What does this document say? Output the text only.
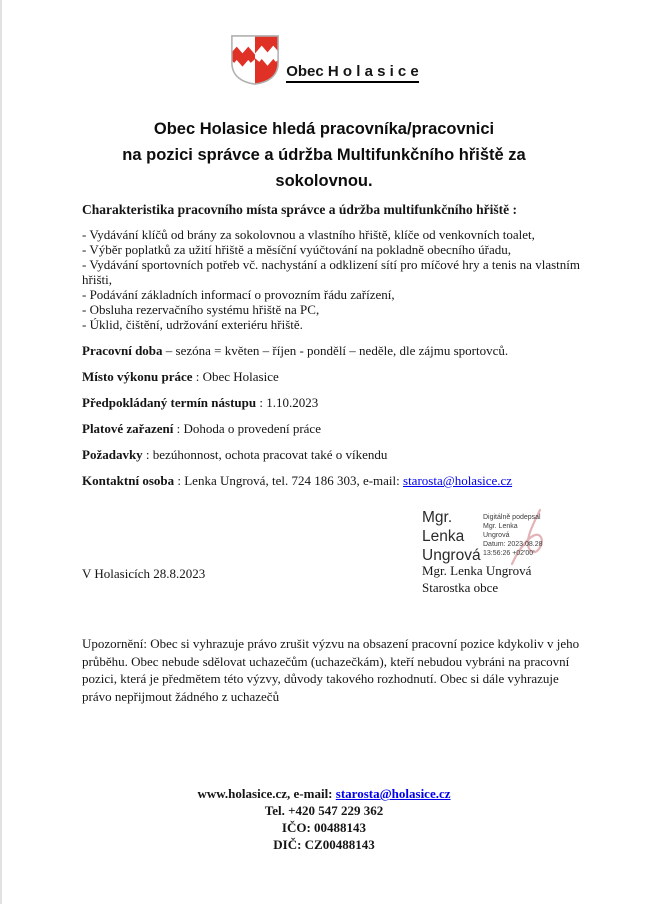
Obec H o l a s i c e
Obec Holasice hledá pracovníka/pracovnici
na pozici správce a údržba Multifunkčního hřiště za
sokolovnou.
Charakteristika pracovního místa správce a údržba multifunkčního hřiště :
- Vydávání klíčů od brány za sokolovnou a vlastního hřiště, klíče od venkovních toalet,
- Výběr poplatků za užití hřiště a měsíční vyúčtování na pokladně obecního úřadu,
- Vydávání sportovních potřeb vč. nachystání a odklizení sítí pro míčové hry a tenis na vlastním hřišti,
- Podávání základních informací o provozním řádu zařízení,
- Obsluha rezervačního systému hřiště na PC,
- Úklid, čištění, udržování exteriéru hřiště.

Pracovní doba – sezóna = květen – říjen - pondělí – neděle, dle zájmu sportovců.

Místo výkonu práce : Obec Holasice

Předpokládaný termín nástupu : 1.10.2023

Platové zařazení : Dohoda o provedení práce

Požadavky : bezúhonnost, ochota pracovat také o víkendu

Kontaktní osoba : Lenka Ungrová, tel. 724 186 303, e-mail: starosta@holasice.cz

V Holasicích 28.8.2023
Mgr.
Lenka
Ungrová
Digitálně podepsal
Mgr. Lenka
Ungrová
Datum: 2023.08.28
13:56:26 +02'00'
Mgr. Lenka Ungrová
Starostka obce

Upozornění: Obec si vyhrazuje právo zrušit výzvu na obsazení pracovní pozice kdykoliv v jeho průběhu. Obec nebude sdělovat uchazečům (uchazečkám), kteří nebudou vybráni na pracovní pozici, která je předmětem této výzvy, důvody takového rozhodnutí. Obec si dále vyhrazuje právo nepřijmout žádného z uchazečů

www.holasice.cz, e-mail: starosta@holasice.cz
Tel. +420 547 229 362
IČO: 00488143
DIČ: CZ00488143
